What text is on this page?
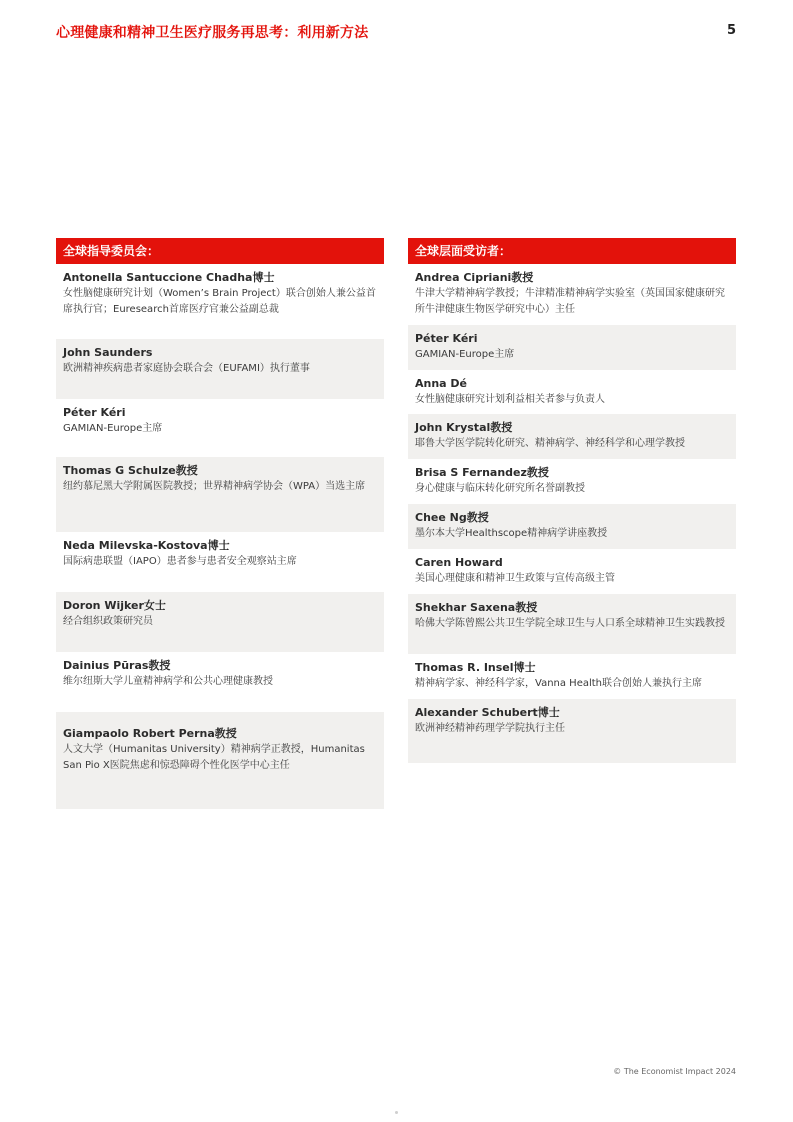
心理健康和精神卫生医疗服务再思考：利用新方法	5
全球指导委员会：
Antonella Santuccione Chadha博士
女性脑健康研究计划（Women’s Brain Project）联合创始人兼公益首席执行官；Euresearch首席医疗官兼公益副总裁
John Saunders
欧洲精神疾病患者家庭协会联合会（EUFAMI）执行董事
Péter Kéri
GAMIAN-Europe主席
Thomas G Schulze教授
纽约慕尼黑大学附属医院教授；世界精神病学协会（WPA）当选主席
Neda Milevska-Kostova博士
国际病患联盟（IAPO）患者参与患者安全观察站主席
Doron Wijker女士
经合组织政策研究员
Dainius Pūras教授
维尔纽斯大学儿童精神病学和公共心理健康教授
Giampaolo Robert Perna教授
人文大学（Humanitas University）精神病学正教授，Humanitas San Pio X医院焦虑和惊恐障碍个性化医学中心主任
全球层面受访者：
Andrea Cipriani教授
牛津大学精神病学教授；牛津精准精神病学实验室（英国国家健康研究所牛津健康生物医学研究中心）主任
Péter Kéri
GAMIAN-Europe主席
Anna Dé
女性脑健康研究计划利益相关者参与负责人
John Krystal教授
耶鲁大学医学院转化研究、精神病学、神经科学和心理学教授
Brisa S Fernandez教授
身心健康与临床转化研究所名誉副教授
Chee Ng教授
墨尔本大学Healthscope精神病学讲座教授
Caren Howard
美国心理健康和精神卫生政策与宣传高级主管
Shekhar Saxena教授
哈佛大学陈曾熙公共卫生学院全球卫生与人口系全球精神卫生实践教授
Thomas R. Insel博士
精神病学家、神经科学家，Vanna Health联合创始人兼执行主席
Alexander Schubert博士
欧洲神经精神药理学学院执行主任
© The Economist Impact 2024
